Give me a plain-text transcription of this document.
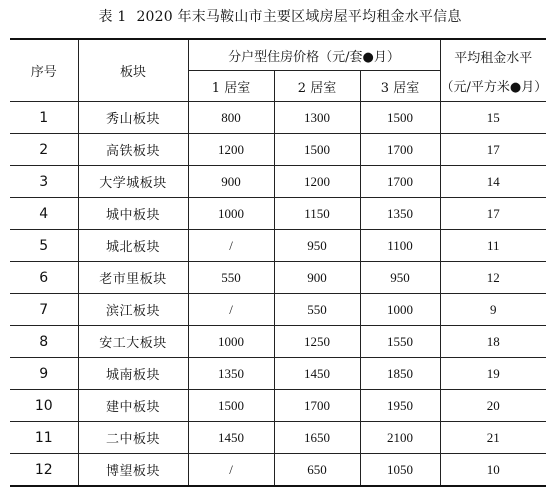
表 1 2020 年末马鞍山市主要区域房屋平均租金水平信息
序号	板块	分户型住房价格（元/套●月）			平均租金水平
（元/平方米●月）

		1 居室	2 居室	3 居室	
1	秀山板块	800	1300	1500	15
2	高铁板块	1200	1500	1700	17
3	大学城板块	900	1200	1700	14
4	城中板块	1000	1150	1350	17
5	城北板块	/	950	1100	11
6	老市里板块	550	900	950	12
7	滨江板块	/	550	1000	9
8	安工大板块	1000	1250	1550	18
9	城南板块	1350	1450	1850	19
10	建中板块	1500	1700	1950	20
11	二中板块	1450	1650	2100	21
12	博望板块	/	650	1050	10
